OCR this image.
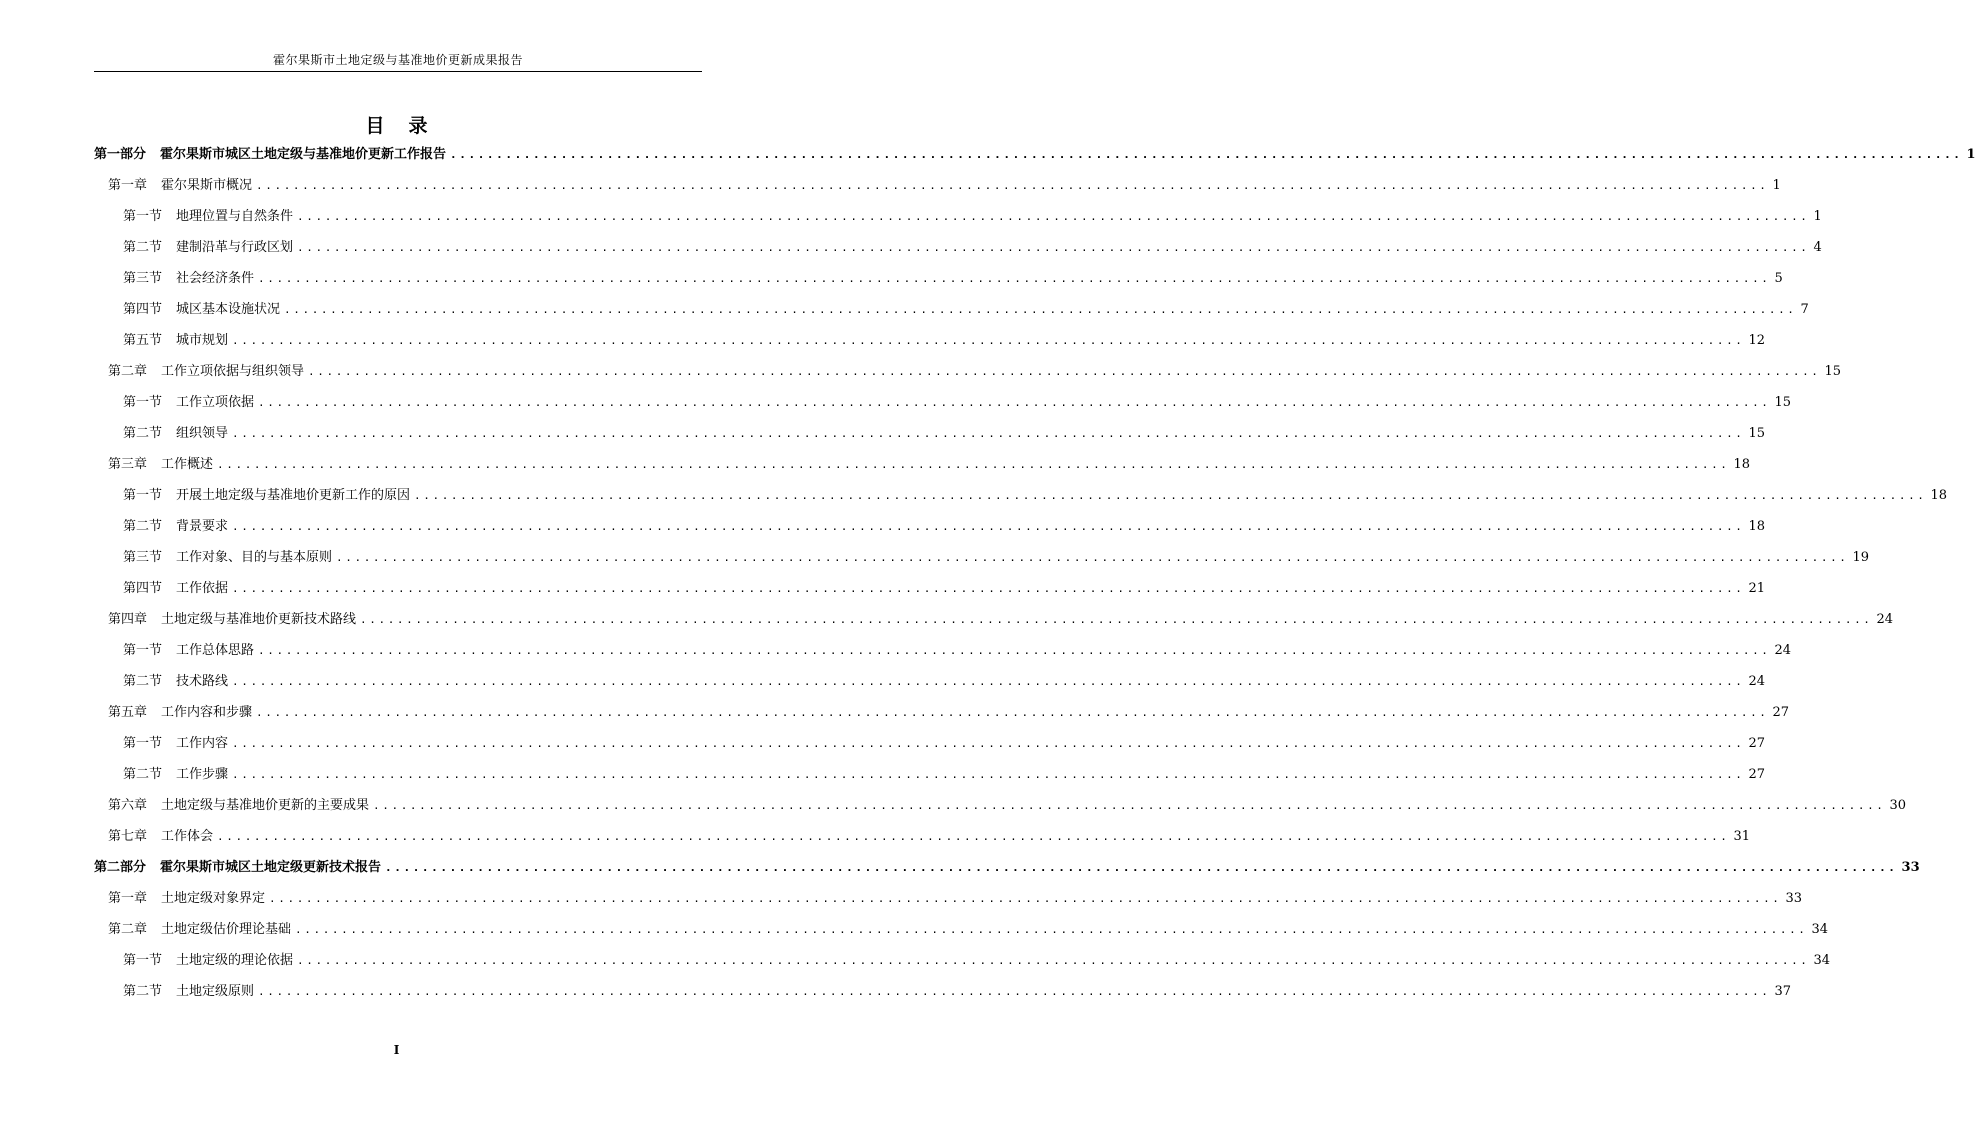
霍尔果斯市土地定级与基准地价更新成果报告
目录
第一部分 霍尔果斯市城区土地定级与基准地价更新工作报告 .................................................................................................................................................................... 1
第一章 霍尔果斯市概况 .................................................................................................................................................................... 1
第一节 地理位置与自然条件 .................................................................................................................................................................... 1
第二节 建制沿革与行政区划 .................................................................................................................................................................... 4
第三节 社会经济条件 .................................................................................................................................................................... 5
第四节 城区基本设施状况 .................................................................................................................................................................... 7
第五节 城市规划 .................................................................................................................................................................... 12
第二章 工作立项依据与组织领导 .................................................................................................................................................................... 15
第一节 工作立项依据 .................................................................................................................................................................... 15
第二节 组织领导 .................................................................................................................................................................... 15
第三章 工作概述 .................................................................................................................................................................... 18
第一节 开展土地定级与基准地价更新工作的原因 .................................................................................................................................................................... 18
第二节 背景要求 .................................................................................................................................................................... 18
第三节 工作对象、目的与基本原则 .................................................................................................................................................................... 19
第四节 工作依据 .................................................................................................................................................................... 21
第四章 土地定级与基准地价更新技术路线 .................................................................................................................................................................... 24
第一节 工作总体思路 .................................................................................................................................................................... 24
第二节 技术路线 .................................................................................................................................................................... 24
第五章 工作内容和步骤 .................................................................................................................................................................... 27
第一节 工作内容 .................................................................................................................................................................... 27
第二节 工作步骤 .................................................................................................................................................................... 27
第六章 土地定级与基准地价更新的主要成果 .................................................................................................................................................................... 30
第七章 工作体会 .................................................................................................................................................................... 31
第二部分 霍尔果斯市城区土地定级更新技术报告 .................................................................................................................................................................... 33
第一章 土地定级对象界定 .................................................................................................................................................................... 33
第二章 土地定级估价理论基础 .................................................................................................................................................................... 34
第一节 土地定级的理论依据 .................................................................................................................................................................... 34
第二节 土地定级原则 .................................................................................................................................................................... 37
I
